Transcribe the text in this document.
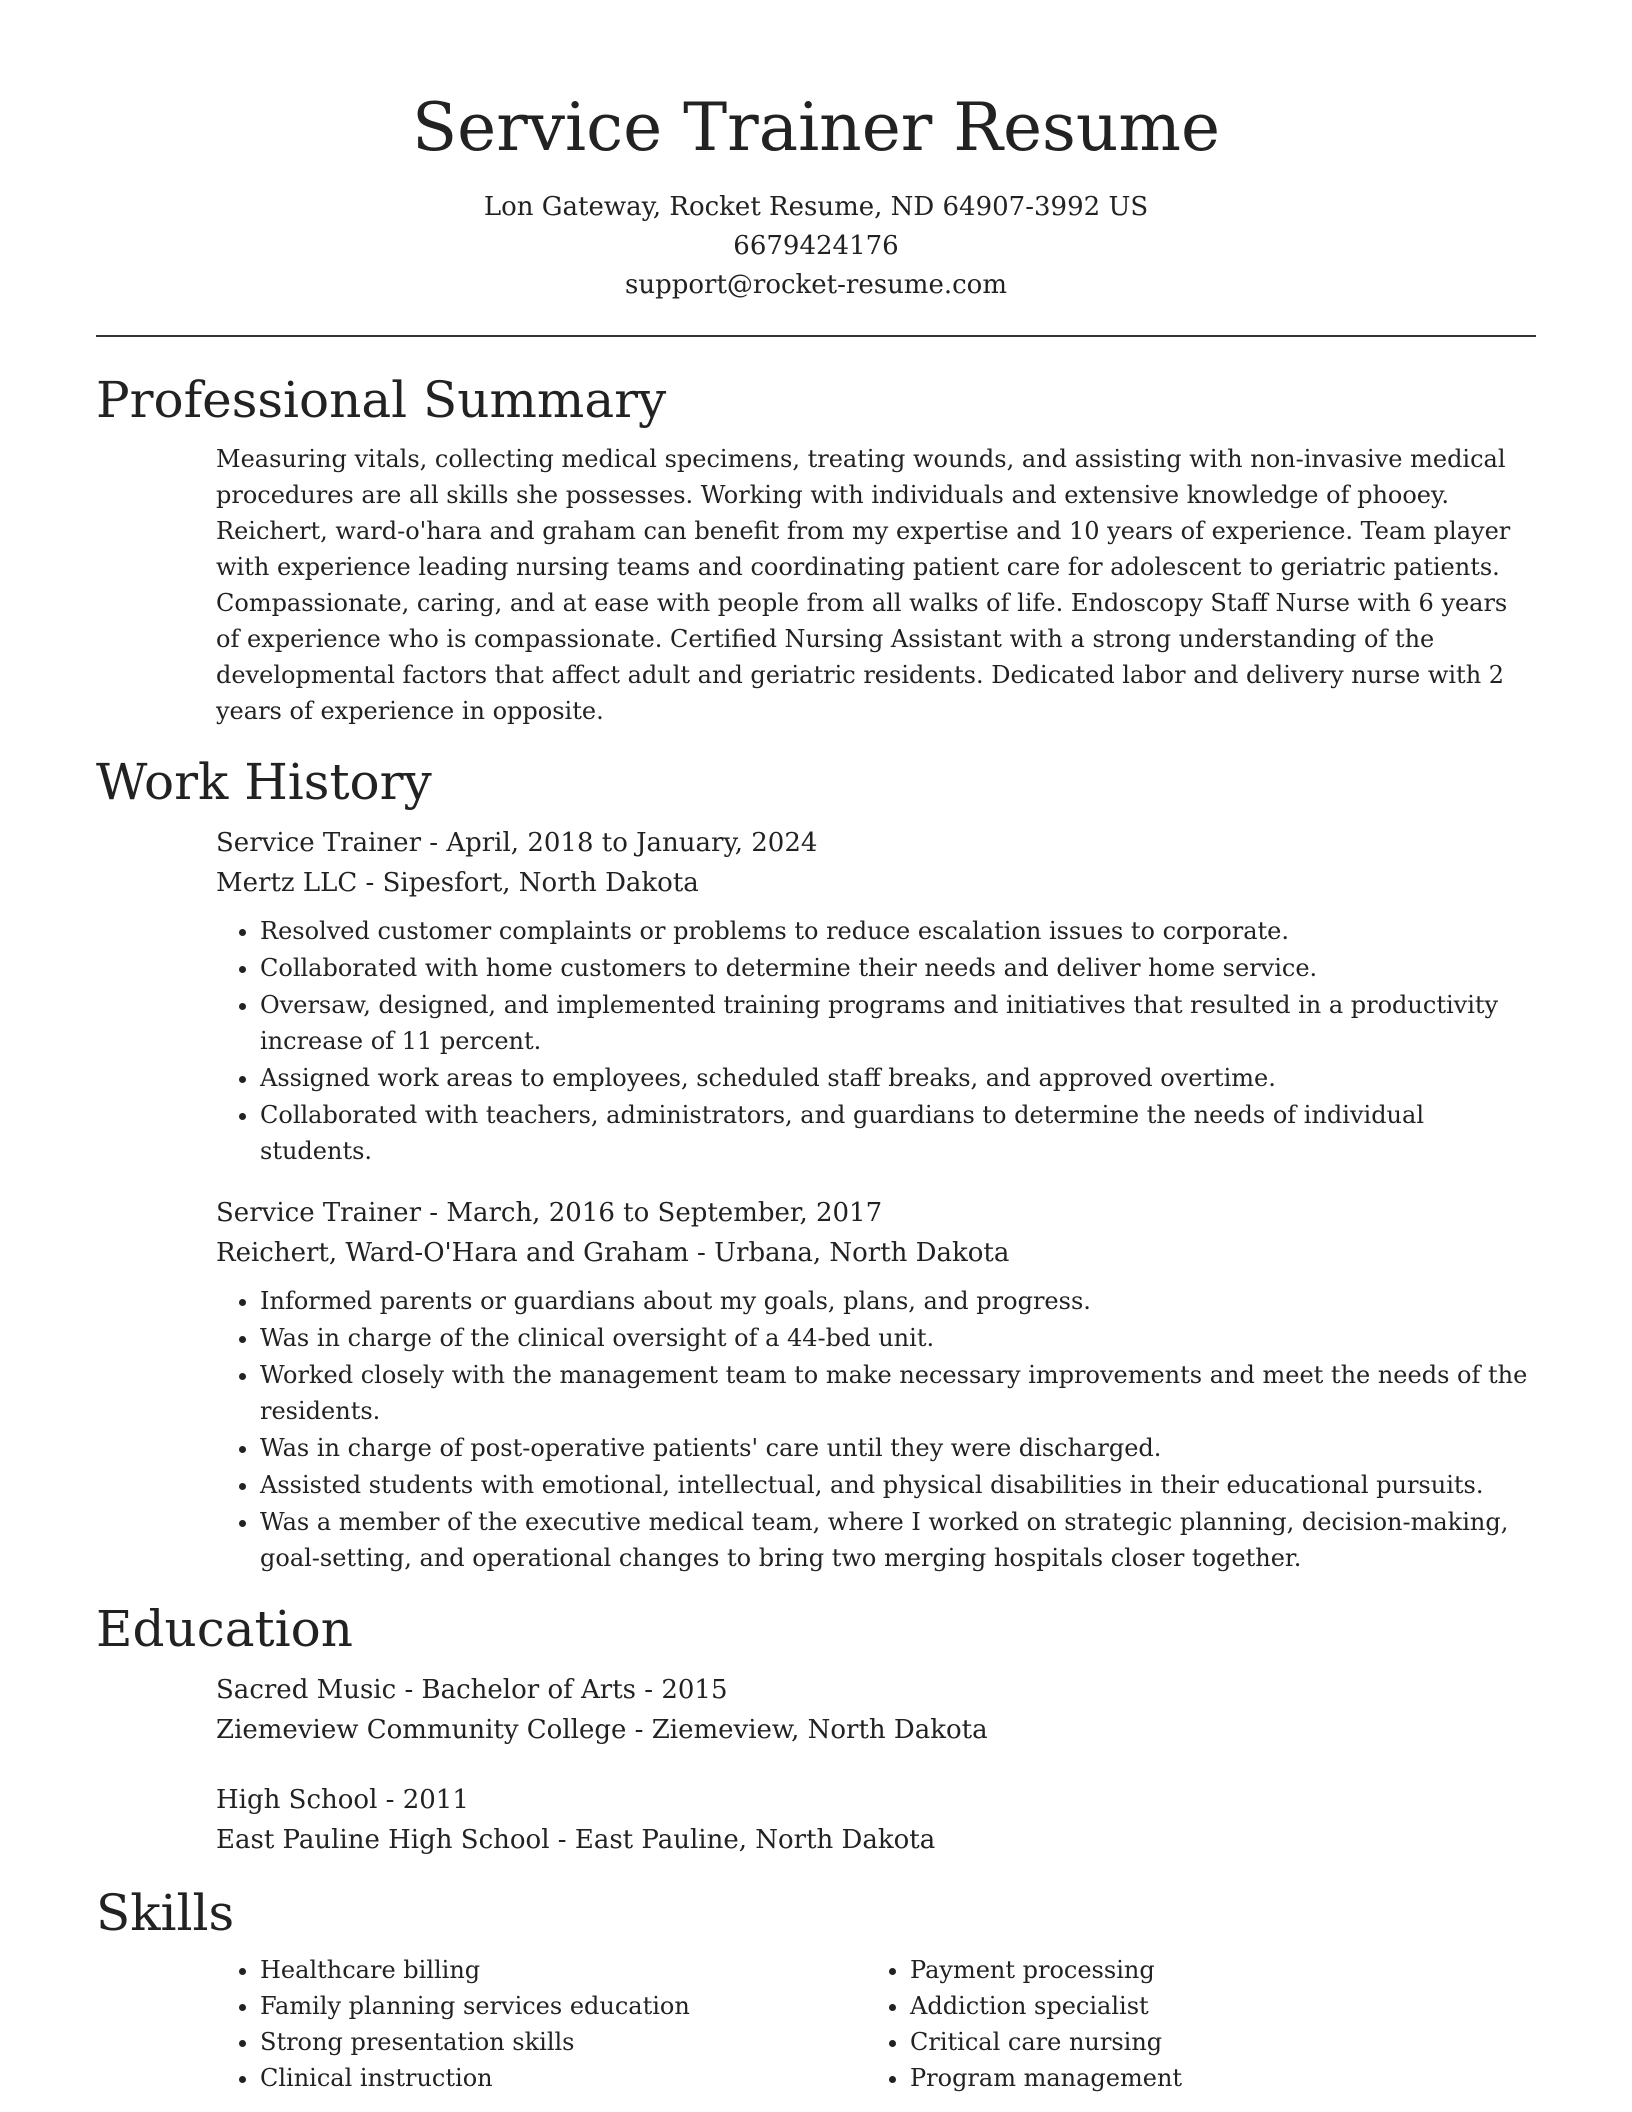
Service Trainer Resume

Lon Gateway, Rocket Resume, ND 64907-3992 US

6679424176

support@rocket-resume.com

Professional Summary

Measuring vitals, collecting medical specimens, treating wounds, and assisting with non-invasive medical procedures are all skills she possesses. Working with individuals and extensive knowledge of phooey. Reichert, ward-o'hara and graham can benefit from my expertise and 10 years of experience. Team player with experience leading nursing teams and coordinating patient care for adolescent to geriatric patients. Compassionate, caring, and at ease with people from all walks of life. Endoscopy Staff Nurse with 6 years of experience who is compassionate. Certified Nursing Assistant with a strong understanding of the developmental factors that affect adult and geriatric residents. Dedicated labor and delivery nurse with 2 years of experience in opposite.

Work History

Service Trainer - April, 2018 to January, 2024

Mertz LLC - Sipesfort, North Dakota

• Resolved customer complaints or problems to reduce escalation issues to corporate.
• Collaborated with home customers to determine their needs and deliver home service.
• Oversaw, designed, and implemented training programs and initiatives that resulted in a productivity increase of 11 percent.
• Assigned work areas to employees, scheduled staff breaks, and approved overtime.
• Collaborated with teachers, administrators, and guardians to determine the needs of individual students.

Service Trainer - March, 2016 to September, 2017

Reichert, Ward-O'Hara and Graham - Urbana, North Dakota

• Informed parents or guardians about my goals, plans, and progress.
• Was in charge of the clinical oversight of a 44-bed unit.
• Worked closely with the management team to make necessary improvements and meet the needs of the residents.
• Was in charge of post-operative patients' care until they were discharged.
• Assisted students with emotional, intellectual, and physical disabilities in their educational pursuits.
• Was a member of the executive medical team, where I worked on strategic planning, decision-making, goal-setting, and operational changes to bring two merging hospitals closer together.
Education

Sacred Music - Bachelor of Arts - 2015

Ziemeview Community College - Ziemeview, North Dakota

High School - 2011

East Pauline High School - East Pauline, North Dakota

Skills
• Healthcare billing
• Family planning services education
• Strong presentation skills
• Clinical instruction
• Payment processing
• Addiction specialist
• Critical care nursing
• Program management
